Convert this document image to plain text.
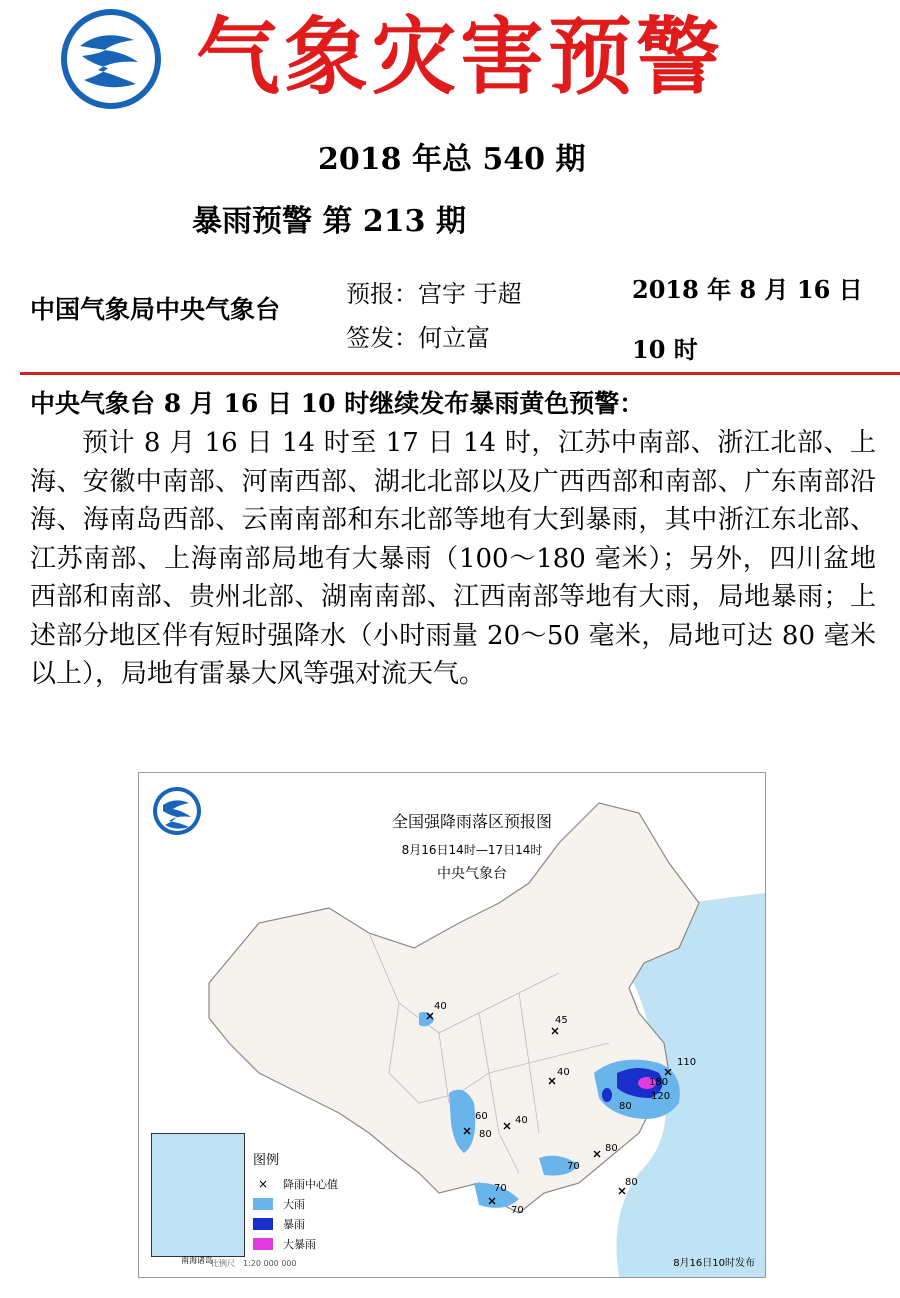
气象灾害预警
2018 年总 540 期
暴雨预警 第 213 期
中国气象局中央气象台
预报：宫宇 于超
签发：何立富
2018 年 8 月 16 日 10 时
中央气象台 8 月 16 日 10 时继续发布暴雨黄色预警：
预计 8 月 16 日 14 时至 17 日 14 时，江苏中南部、浙江北部、上海、安徽中南部、河南西部、湖北北部以及广西西部和南部、广东南部沿海、海南岛西部、云南南部和东北部等地有大到暴雨，其中浙江东北部、江苏南部、上海南部局地有大暴雨（100～180 毫米）；另外，四川盆地西部和南部、贵州北部、湖南南部、江西南部等地有大雨，局地暴雨；上述部分地区伴有短时强降水（小时雨量 20～50 毫米，局地可达 80 毫米以上），局地有雷暴大风等强对流天气。
40
45
40
110
180
120
80
60
80
40
70
80
70
70
80
全国强降雨落区预报图
8月16日14时—17日14时
中央气象台
南海诸岛
图例
×	降雨中心值
大雨
暴雨
大暴雨
比例尺　1:20 000 000	8月16日10时发布
